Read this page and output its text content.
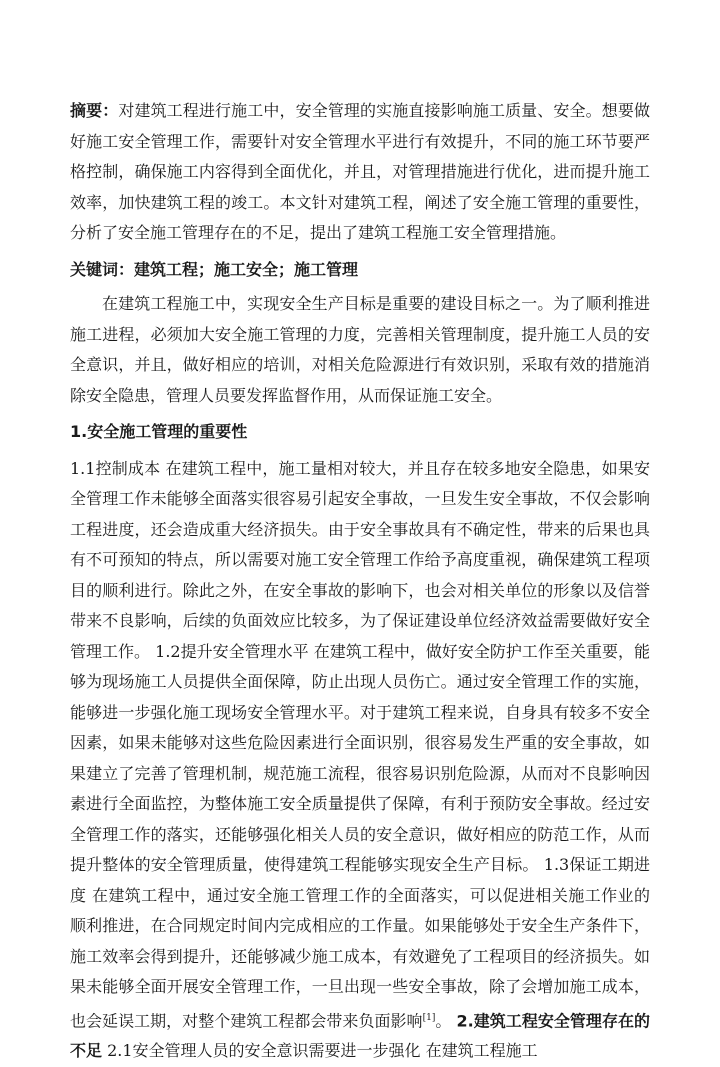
摘要：对建筑工程进行施工中，安全管理的实施直接影响施工质量、安全。想要做好施工安全管理工作，需要针对安全管理水平进行有效提升，不同的施工环节要严格控制，确保施工内容得到全面优化，并且，对管理措施进行优化，进而提升施工效率，加快建筑工程的竣工。本文针对建筑工程，阐述了安全施工管理的重要性，分析了安全施工管理存在的不足，提出了建筑工程施工安全管理措施。

关键词：建筑工程；施工安全；施工管理

在建筑工程施工中，实现安全生产目标是重要的建设目标之一。为了顺利推进施工进程，必须加大安全施工管理的力度，完善相关管理制度，提升施工人员的安全意识，并且，做好相应的培训，对相关危险源进行有效识别，采取有效的措施消除安全隐患，管理人员要发挥监督作用，从而保证施工安全。

1.安全施工管理的重要性

1.1控制成本 在建筑工程中，施工量相对较大，并且存在较多地安全隐患，如果安全管理工作未能够全面落实很容易引起安全事故，一旦发生安全事故，不仅会影响工程进度，还会造成重大经济损失。由于安全事故具有不确定性，带来的后果也具有不可预知的特点，所以需要对施工安全管理工作给予高度重视，确保建筑工程项目的顺利进行。除此之外，在安全事故的影响下，也会对相关单位的形象以及信誉带来不良影响，后续的负面效应比较多，为了保证建设单位经济效益需要做好安全管理工作。 1.2提升安全管理水平 在建筑工程中，做好安全防护工作至关重要，能够为现场施工人员提供全面保障，防止出现人员伤亡。通过安全管理工作的实施，能够进一步强化施工现场安全管理水平。对于建筑工程来说，自身具有较多不安全因素，如果未能够对这些危险因素进行全面识别，很容易发生严重的安全事故，如果建立了完善了管理机制，规范施工流程，很容易识别危险源，从而对不良影响因素进行全面监控，为整体施工安全质量提供了保障，有利于预防安全事故。经过安全管理工作的落实，还能够强化相关人员的安全意识，做好相应的防范工作，从而提升整体的安全管理质量，使得建筑工程能够实现安全生产目标。 1.3保证工期进度 在建筑工程中，通过安全施工管理工作的全面落实，可以促进相关施工作业的顺利推进，在合同规定时间内完成相应的工作量。如果能够处于安全生产条件下，施工效率会得到提升，还能够减少施工成本，有效避免了工程项目的经济损失。如果未能够全面开展安全管理工作，一旦出现一些安全事故，除了会增加施工成本，也会延误工期，对整个建筑工程都会带来负面影响[1]。 2.建筑工程安全管理存在的不足 2.1安全管理人员的安全意识需要进一步强化 在建筑工程施工
